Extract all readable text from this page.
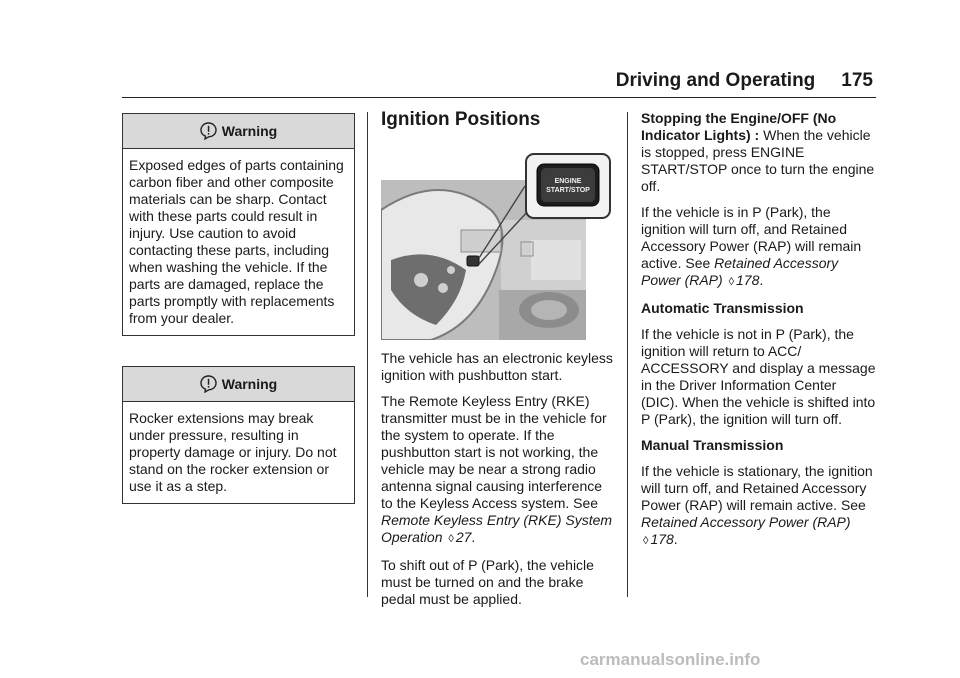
Driving and Operating 175
Warning
Exposed edges of parts containing carbon fiber and other composite materials can be sharp. Contact with these parts could result in injury. Use caution to avoid contacting these parts, including when washing the vehicle. If the parts are damaged, replace the parts promptly with replacements from your dealer.
Warning
Rocker extensions may break under pressure, resulting in property damage or injury. Do not stand on the rocker extension or use it as a step.
Ignition Positions
ENGINE
START/STOP

The vehicle has an electronic keyless ignition with pushbutton start.

The Remote Keyless Entry (RKE) transmitter must be in the vehicle for the system to operate. If the pushbutton start is not working, the vehicle may be near a strong radio antenna signal causing interference to the Keyless Access system. See Remote Keyless Entry (RKE) System Operation ◊ 27.

To shift out of P (Park), the vehicle must be turned on and the brake pedal must be applied.

Stopping the Engine/OFF (No Indicator Lights) : When the vehicle is stopped, press ENGINE START/STOP once to turn the engine off.

If the vehicle is in P (Park), the ignition will turn off, and Retained Accessory Power (RAP) will remain active. See Retained Accessory Power (RAP) ◊ 178.

Automatic Transmission

If the vehicle is not in P (Park), the ignition will return to ACC/ ACCESSORY and display a message in the Driver Information Center (DIC). When the vehicle is shifted into P (Park), the ignition will turn off.

Manual Transmission

If the vehicle is stationary, the ignition will turn off, and Retained Accessory Power (RAP) will remain active. See Retained Accessory Power (RAP) ◊ 178.

carmanualsonline.info
